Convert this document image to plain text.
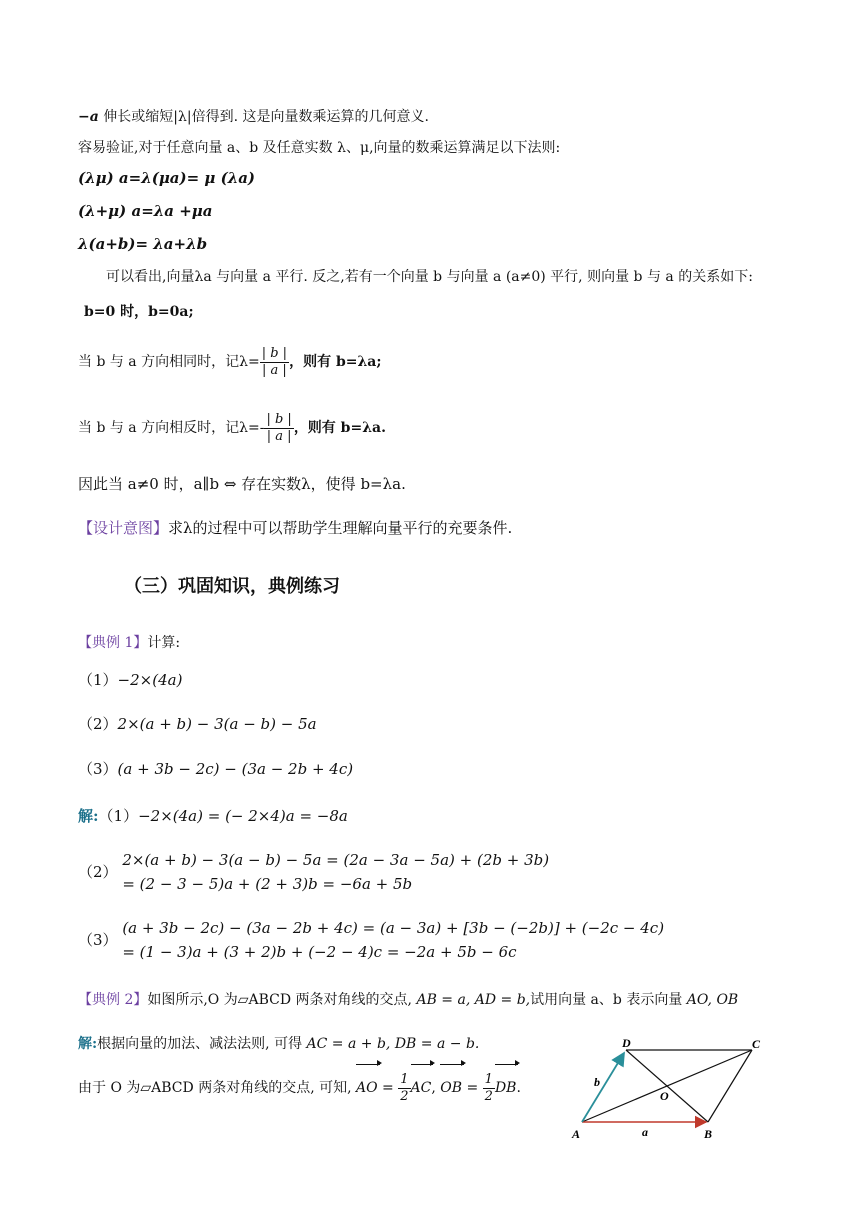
−a 伸长或缩短|λ|倍得到. 这是向量数乘运算的几何意义.
容易验证,对于任意向量 a、b 及任意实数 λ、μ,向量的数乘运算满足以下法则:
(λμ) a=λ(μa)= μ (λa)
(λ+μ) a=λa +μa
λ(a+b)= λa+λb
可以看出,向量λa 与向量 a 平行. 反之,若有一个向量 b 与向量 a (a≠0) 平行, 则向量 b 与 a 的关系如下:
b=0 时，b=0a;
当 b 与 a 方向相同时，记$\lambda= \frac{| b |}{| a |}$ ，则有 b=λa;
当 b 与 a 方向相反时，记$\lambda=- \frac{| b |}{| a |}$ ，则有 b=λa.
因此当 a≠0 时，a∥b ⇔ 存在实数λ，使得 b=λa.
【设计意图】求λ的过程中可以帮助学生理解向量平行的充要条件.
（三）巩固知识，典例练习
【典例 1】计算:
（1）−2×(4a)
（2）2×(a + b) − 3(a − b) − 5a
（3）(a + 3b − 2c) − (3a − 2b + 4c)
解:（1）−2×(4a) = (− 2×4)a = −8a
（2）
2×(a + b) − 3(a − b) − 5a = (2a − 3a − 5a) + (2b + 3b)
= (2 − 3 − 5)a + (2 + 3)b = −6a + 5b
（3）
(a + 3b − 2c) − (3a − 2b + 4c) = (a − 3a) + [3b − (−2b)] + (−2c − 4c)
= (1 − 3)a + (3 + 2)b + (−2 − 4)c = −2a + 5b − 6c
【典例 2】如图所示,O 为▱ABCD 两条对角线的交点, AB = a, AD = b,试用向量 a、b 表示向量 AO, OB
解:根据向量的加法、减法法则, 可得 AC = a + b, DB = a − b.
由于 O 为▱ABCD 两条对角线的交点, 可知, AO = $\frac{1}{2}$ AC, OB = $\frac{1}{2}$ DB.
A	B
C
D
O
a
b
